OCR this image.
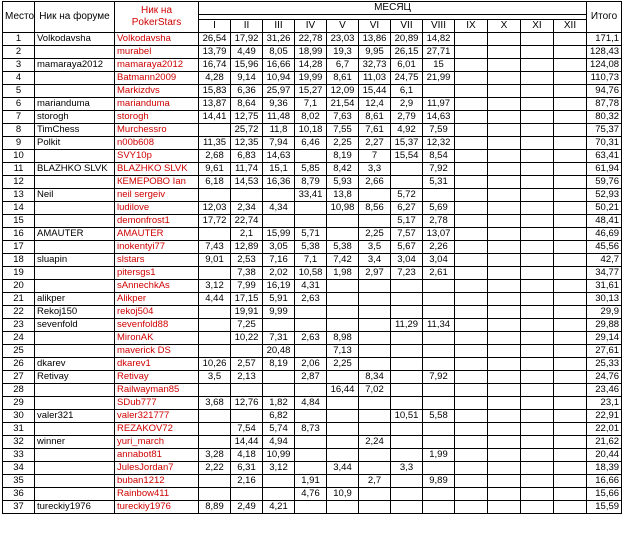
Место	Ник на форуме	Ник на PokerStars	МЕСЯЦ												Итого

			I	II	III	IV	V	VI	VII	VIII	IX	X	XI	XII	
1	Volkodavsha	Volkodavsha	26,54	17,92	31,26	22,78	23,03	13,86	20,89	14,82					171,1
2		murabel	13,79	4,49	8,05	18,99	19,3	9,95	26,15	27,71					128,43
3	mamaraya2012	mamaraya2012	16,74	15,96	16,66	14,28	6,7	32,73	6,01	15					124,08
4		Batmann2009	4,28	9,14	10,94	19,99	8,61	11,03	24,75	21,99					110,73
5		Markizdvs	15,83	6,36	25,97	15,27	12,09	15,44	6,1						94,76
6	marianduma	marianduma	13,87	8,64	9,36	7,1	21,54	12,4	2,9	11,97					87,78
7	storogh	storogh	14,41	12,75	11,48	8,02	7,63	8,61	2,79	14,63					80,32
8	TimChess	Murchessro		25,72	11,8	10,18	7,55	7,61	4,92	7,59					75,37
9	Polkit	n00b608	11,35	12,35	7,94	6,46	2,25	2,27	15,37	12,32					70,31
10		SVY10p	2,68	6,83	14,63		8,19	7	15,54	8,54					63,41
11	BLAZHKO SLVK	BLAZHKO SLVK	9,61	11,74	15,1	5,85	8,42	3,3		7,92					61,94
12		КЕМЕРОВО Ian	6,18	14,53	16,36	8,79	5,93	2,66		5,31					59,76
13	Neil	neil sergeiv				33,41	13,8		5,72						52,93
14		ludilove	12,03	2,34	4,34		10,98	8,56	6,27	5,69					50,21
15		demonfrost1	17,72	22,74					5,17	2,78					48,41
16	AMAUTER	AMAUTER		2,1	15,99	5,71		2,25	7,57	13,07					46,69
17		inokentyi77	7,43	12,89	3,05	5,38	5,38	3,5	5,67	2,26					45,56
18	sluapin	slstars	9,01	2,53	7,16	7,1	7,42	3,4	3,04	3,04					42,7
19		pitersgs1		7,38	2,02	10,58	1,98	2,97	7,23	2,61					34,77
20		sAnnechkAs	3,12	7,99	16,19	4,31									31,61
21	alikper	Alikper	4,44	17,15	5,91	2,63									30,13
22	Rekoj150	rekoj504		19,91	9,99										29,9
23	sevenfold	sevenfold88		7,25					11,29	11,34					29,88
24		MironAK		10,22	7,31	2,63	8,98								29,14
25		maverick DS			20,48		7,13								27,61
26	dkarev	dkarev1	10,26	2,57	8,19	2,06	2,25								25,33
27	Retivay	Retivay	3,5	2,13		2,87		8,34		7,92					24,76
28		Railwayman85					16,44	7,02							23,46
29		SDub777	3,68	12,76	1,82	4,84									23,1
30	valer321	valer321777			6,82				10,51	5,58					22,91
31		REZAKOV72		7,54	5,74	8,73									22,01
32	winner	yuri_march		14,44	4,94			2,24							21,62
33		annabot81	3,28	4,18	10,99					1,99					20,44
34		JulesJordan7	2,22	6,31	3,12		3,44		3,3						18,39
35		buban1212		2,16		1,91		2,7		9,89					16,66
36		Rainbow411				4,76	10,9								15,66
37	tureckiy1976	tureckiy1976	8,89	2,49	4,21										15,59
